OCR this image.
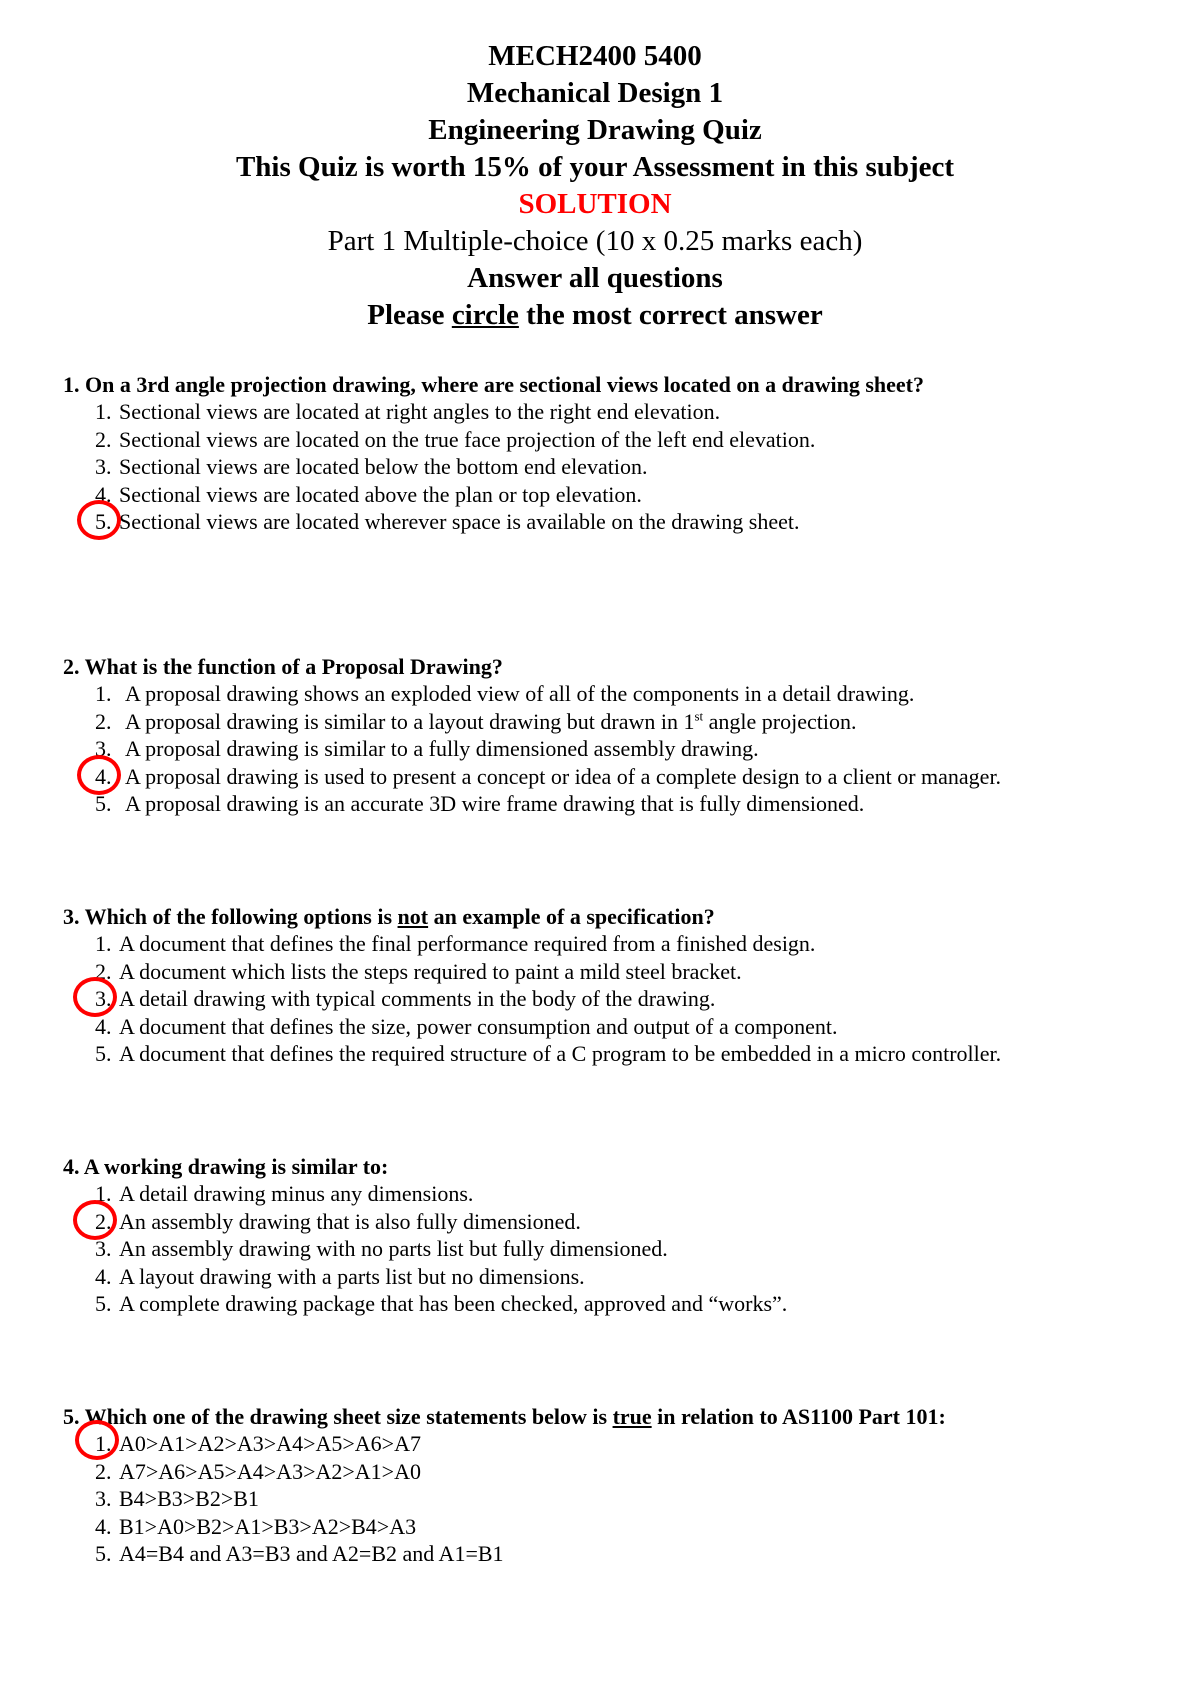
MECH2400 5400
Mechanical Design 1
Engineering Drawing Quiz
This Quiz is worth 15% of your Assessment in this subject
SOLUTION
Part 1 Multiple-choice (10 x 0.25 marks each)
Answer all questions
Please circle the most correct answer
1. On a 3rd angle projection drawing, where are sectional views located on a drawing sheet?
1. Sectional views are located at right angles to the right end elevation.
2. Sectional views are located on the true face projection of the left end elevation.
3. Sectional views are located below the bottom end elevation.
4. Sectional views are located above the plan or top elevation.
5. Sectional views are located wherever space is available on the drawing sheet.
2. What is the function of a Proposal Drawing?
1. A proposal drawing shows an exploded view of all of the components in a detail drawing.
2. A proposal drawing is similar to a layout drawing but drawn in 1st angle projection.
3. A proposal drawing is similar to a fully dimensioned assembly drawing.
4. A proposal drawing is used to present a concept or idea of a complete design to a client or manager.
5. A proposal drawing is an accurate 3D wire frame drawing that is fully dimensioned.
3. Which of the following options is not an example of a specification?
1. A document that defines the final performance required from a finished design.
2. A document which lists the steps required to paint a mild steel bracket.
3. A detail drawing with typical comments in the body of the drawing.
4. A document that defines the size, power consumption and output of a component.
5. A document that defines the required structure of a C program to be embedded in a micro controller.
4. A working drawing is similar to:
1. A detail drawing minus any dimensions.
2. An assembly drawing that is also fully dimensioned.
3. An assembly drawing with no parts list but fully dimensioned.
4. A layout drawing with a parts list but no dimensions.
5. A complete drawing package that has been checked, approved and “works”.
5. Which one of the drawing sheet size statements below is true in relation to AS1100 Part 101:
1. A0>A1>A2>A3>A4>A5>A6>A7
2. A7>A6>A5>A4>A3>A2>A1>A0
3. B4>B3>B2>B1
4. B1>A0>B2>A1>B3>A2>B4>A3
5. A4=B4 and A3=B3 and A2=B2 and A1=B1
